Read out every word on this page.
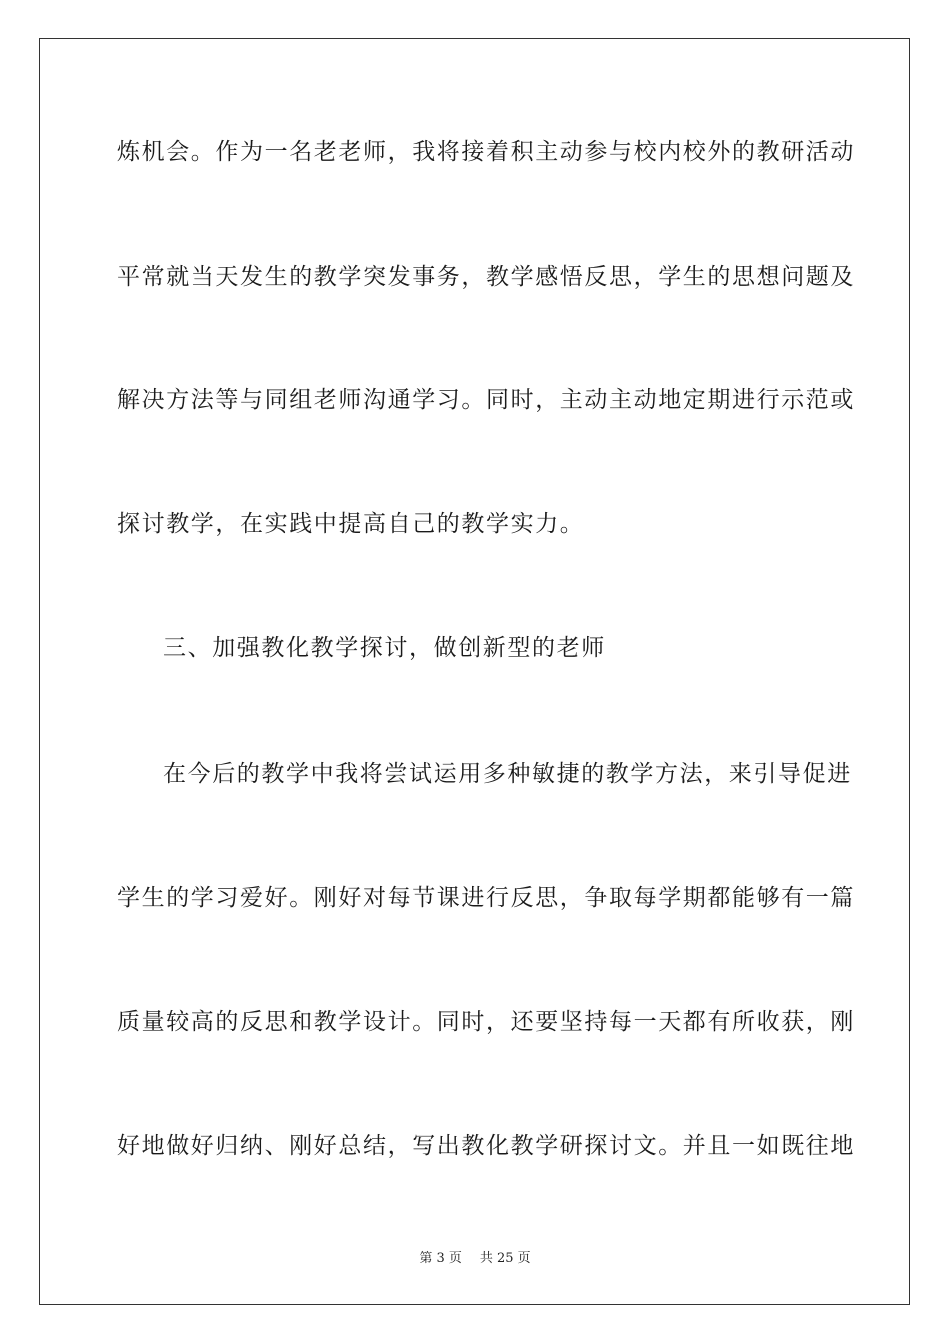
炼机会。作为一名老老师，我将接着积主动参与校内校外的教研活动
平常就当天发生的教学突发事务，教学感悟反思，学生的思想问题及
解决方法等与同组老师沟通学习。同时，主动主动地定期进行示范或
探讨教学，在实践中提高自己的教学实力。
三、加强教化教学探讨，做创新型的老师
在今后的教学中我将尝试运用多种敏捷的教学方法，来引导促进
学生的学习爱好。刚好对每节课进行反思，争取每学期都能够有一篇
质量较高的反思和教学设计。同时，还要坚持每一天都有所收获，刚
好地做好归纳、刚好总结，写出教化教学研探讨文。并且一如既往地
第 3 页 共 25 页
